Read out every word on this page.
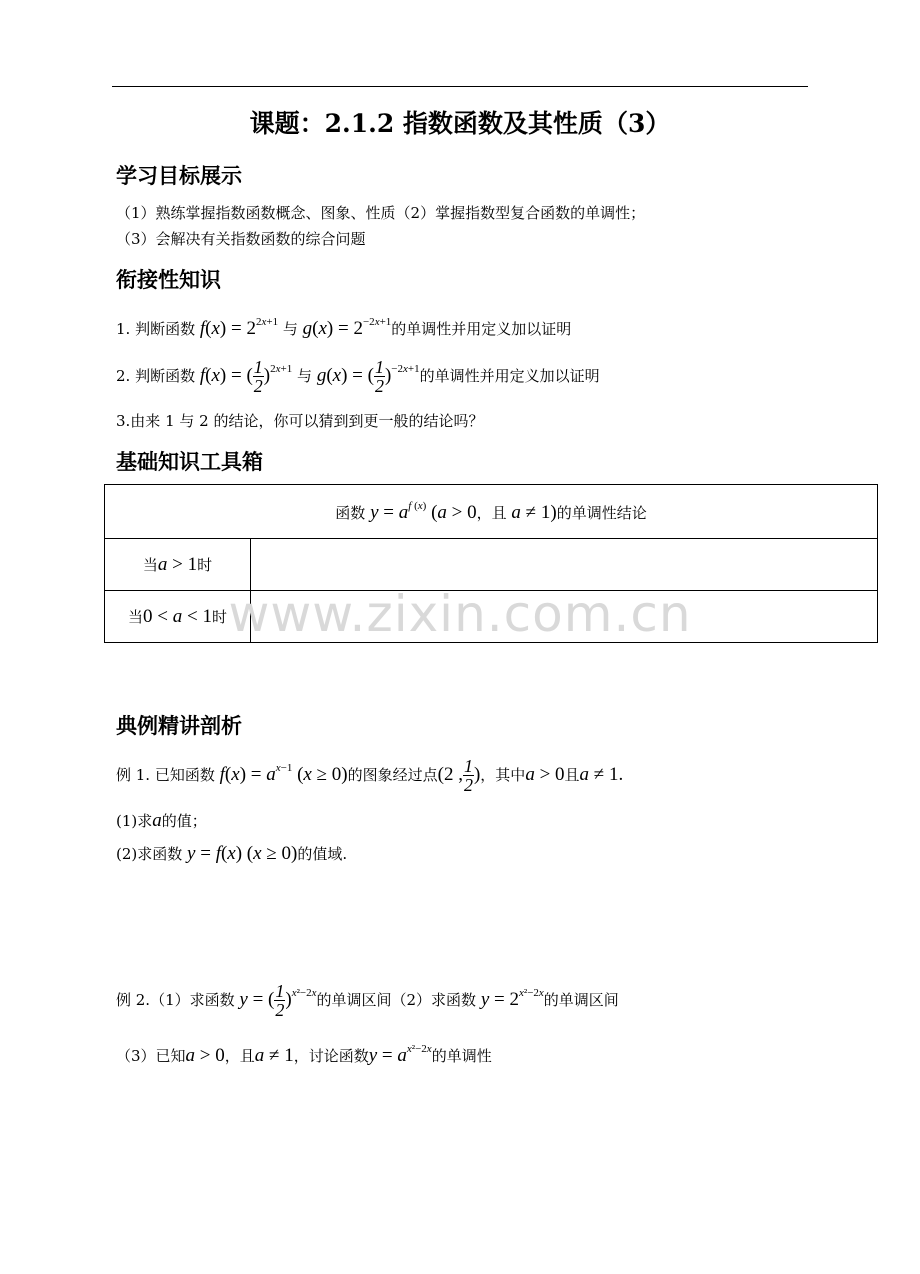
课题：2.1.2 指数函数及其性质（3）
学习目标展示
（1）熟练掌握指数函数概念、图象、性质（2）掌握指数型复合函数的单调性；
（3）会解决有关指数函数的综合问题
衔接性知识
1. 判断函数 $f(x) = 2^{2x+1}$ 与 $g(x) = 2^{-2x+1}$的单调性并用定义加以证明
2. 判断函数 f(x) = ( $\frac{1}{2} )^{2x+1}$ 与 g(x) = ( $\frac{1}{2} )^{-2x+1}$的单调性并用定义加以证明
3.由来 1 与 2 的结论，你可以猜到到更一般的结论吗？
基础知识工具箱
函数 $y = a^{f (x)}$ (a > 0，且 a ≠ 1)的单调性结论	
当a > 1时	
当0 < a < 1时	www.zixin.com.cn
典例精讲剖析
例 1. 已知函数 $f(x) = a^{x-1}$ (x ≥ 0)的图象经过点(2 , $\frac{1}{2}$ )，其中a > 0且a ≠ 1.
(1)求a的值；
(2)求函数 y = f(x) (x ≥ 0)的值域.
例 2.（1）求函数 y = ( $\frac{1}{2} )^{x^2-2x}$的单调区间（2）求函数 $y = 2^{x^2-2x}$的单调区间
（3）已知a > 0，且a ≠ 1，讨论函数$y = a^{x^2-2x}$的单调性
